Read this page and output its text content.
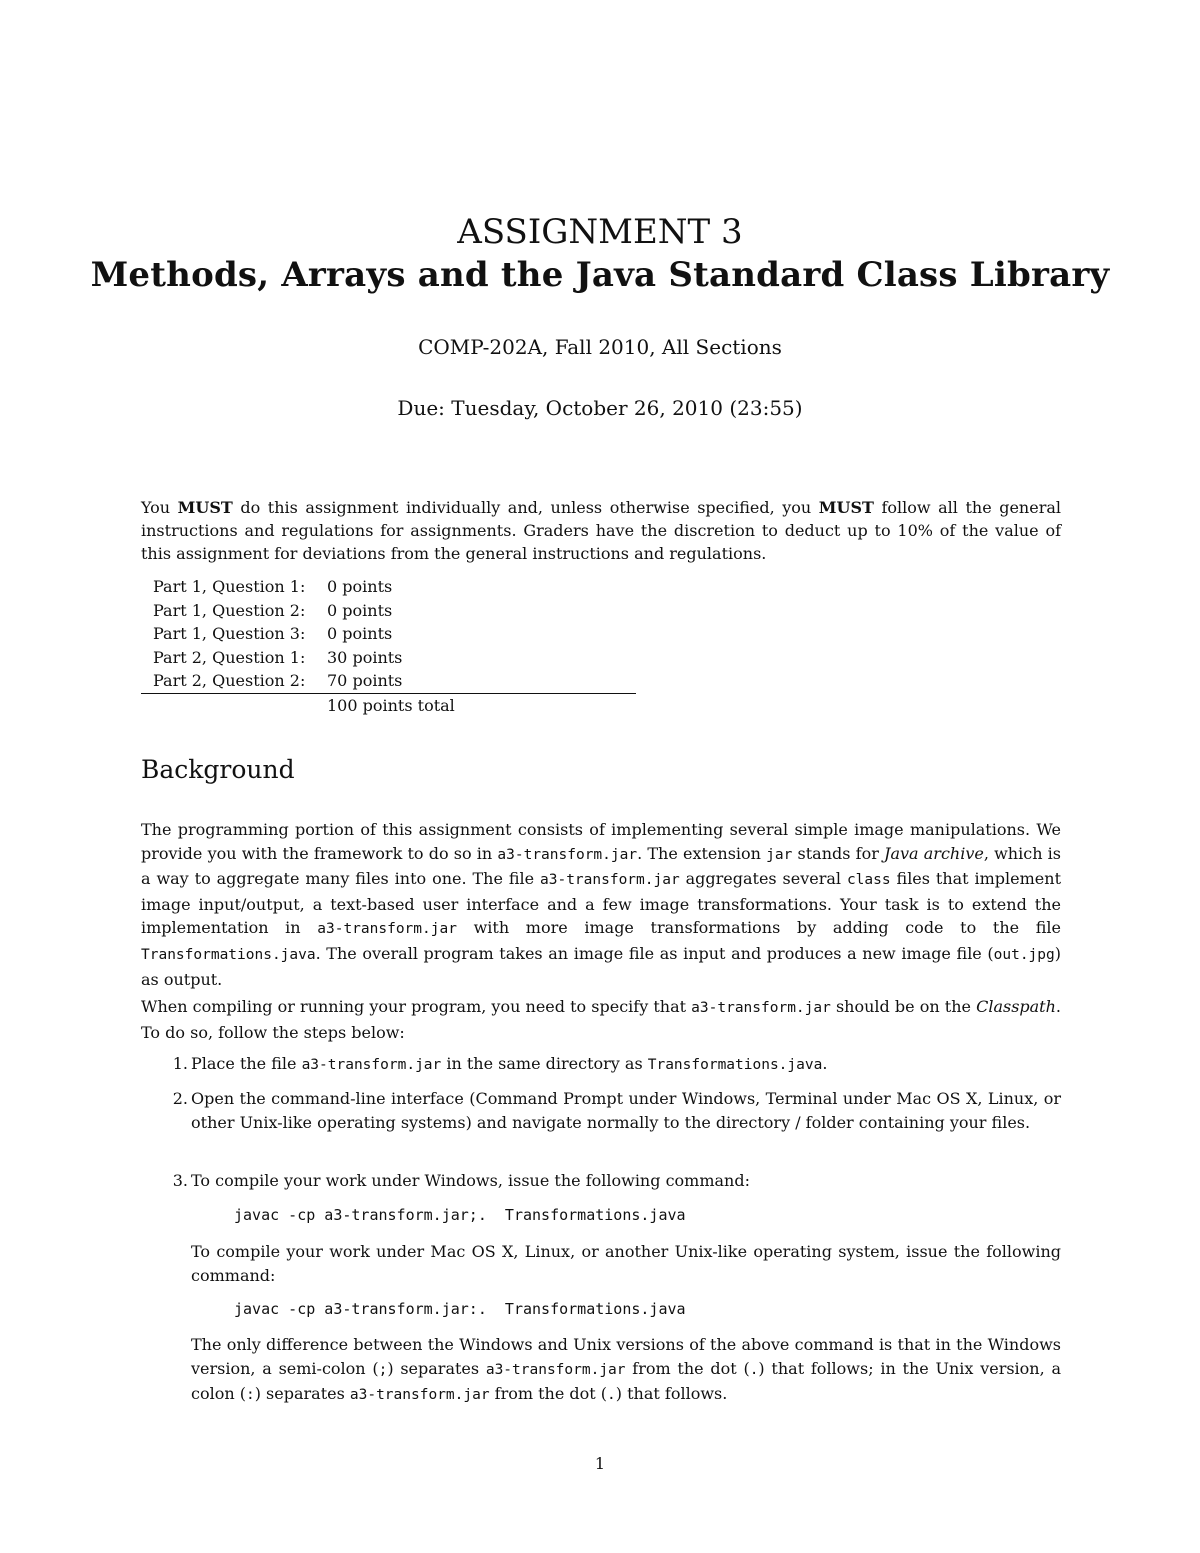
ASSIGNMENT 3
Methods, Arrays and the Java Standard Class Library
COMP-202A, Fall 2010, All Sections
Due: Tuesday, October 26, 2010 (23:55)
You MUST do this assignment individually and, unless otherwise specified, you MUST follow all the general instructions and regulations for assignments. Graders have the discretion to deduct up to 10% of the value of this assignment for deviations from the general instructions and regulations.
Part 1, Question 1:	0 points
Part 1, Question 2:	0 points
Part 1, Question 3:	0 points
Part 2, Question 1:	30 points
Part 2, Question 2:	70 points
100 points total
Background
The programming portion of this assignment consists of implementing several simple image manipulations. We provide you with the framework to do so in a3-transform.jar. The extension jar stands for Java archive, which is a way to aggregate many files into one. The file a3-transform.jar aggregates several class files that implement image input/output, a text-based user interface and a few image transformations. Your task is to extend the implementation in a3-transform.jar with more image transformations by adding code to the file Transformations.java. The overall program takes an image file as input and produces a new image file (out.jpg) as output.
When compiling or running your program, you need to specify that a3-transform.jar should be on the Classpath. To do so, follow the steps below:
1. Place the file a3-transform.jar in the same directory as Transformations.java.
2. Open the command-line interface (Command Prompt under Windows, Terminal under Mac OS X, Linux, or other Unix-like operating systems) and navigate normally to the directory / folder containing your files.
3. To compile your work under Windows, issue the following command:
javac -cp a3-transform.jar;.  Transformations.java
To compile your work under Mac OS X, Linux, or another Unix-like operating system, issue the following command:
javac -cp a3-transform.jar:.  Transformations.java
The only difference between the Windows and Unix versions of the above command is that in the Windows version, a semi-colon (;) separates a3-transform.jar from the dot (.) that follows; in the Unix version, a colon (:) separates a3-transform.jar from the dot (.) that follows.
1
